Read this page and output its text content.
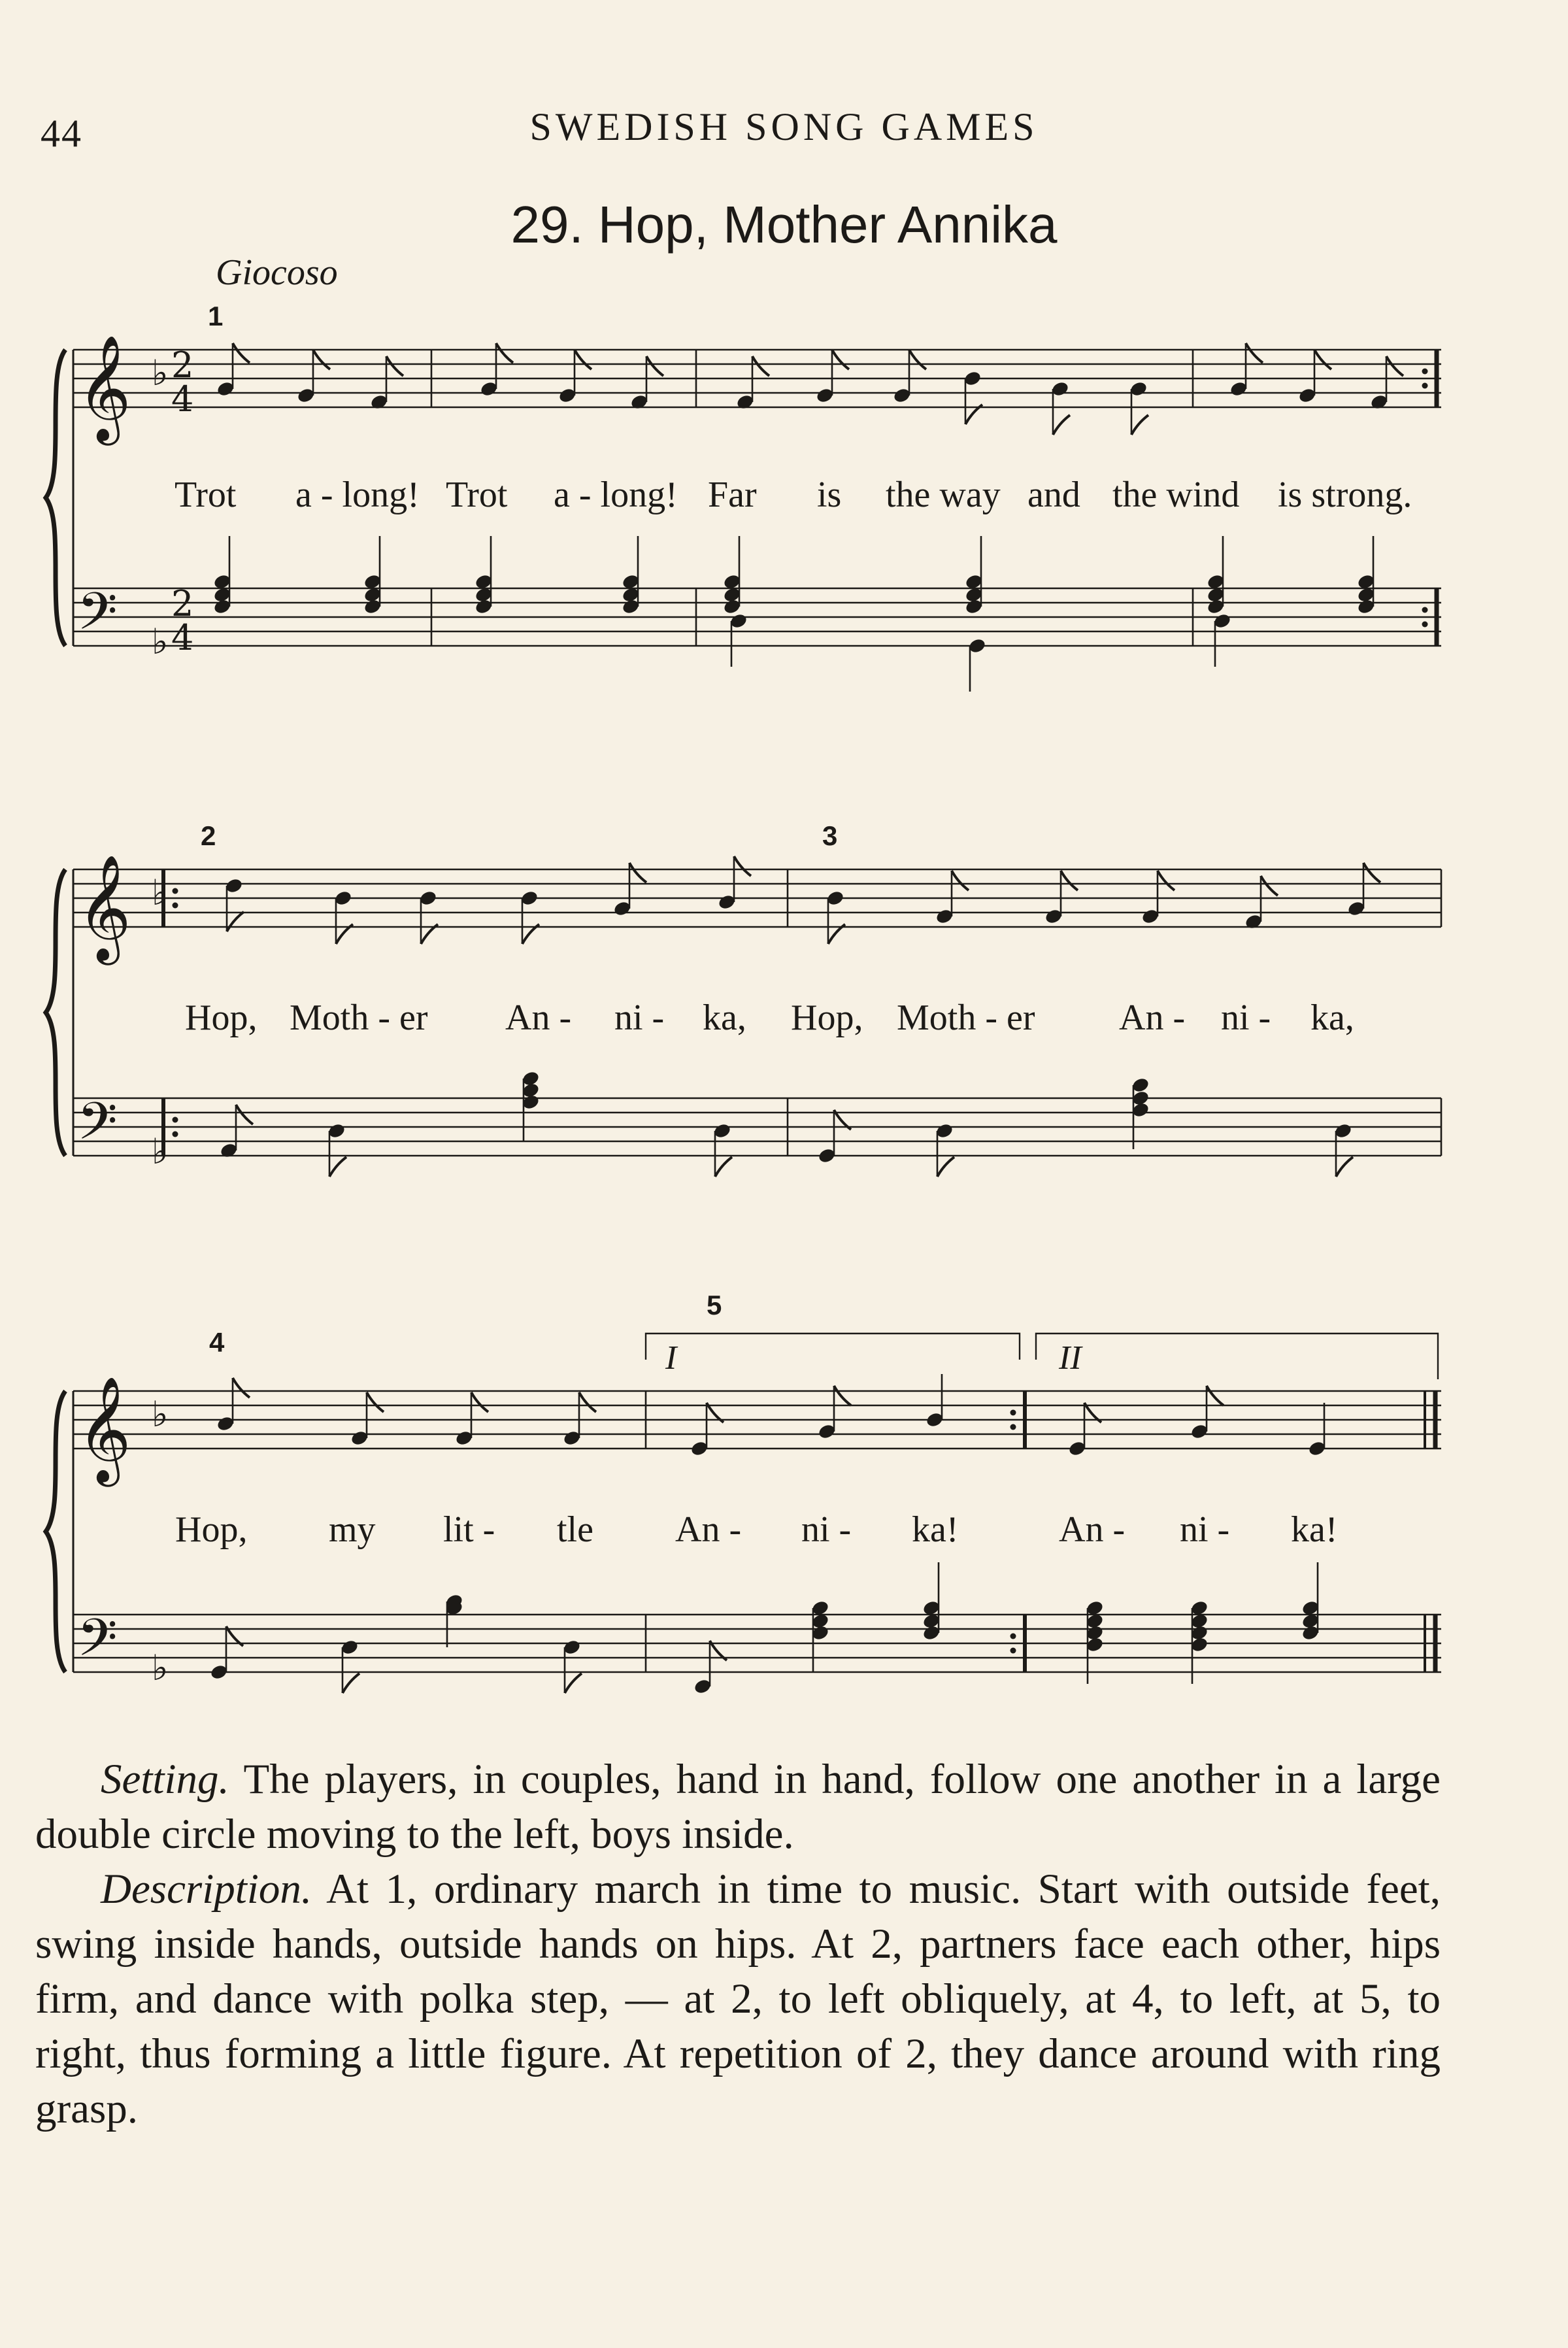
44	SWEDISH SONG GAMES
29. Hop, Mother Annika
Giocoso
1
2	3
4
5
I	II
𝄞
𝄢
♭
♭
2
4
2
4
𝄞
𝄢
♭
♭
𝄞
𝄢
♭
♭
Trot a - long! Trot a - long! Far is the way and the wind is strong.
Hop, Moth - er An - ni - ka, Hop, Moth - er An - ni - ka,
Hop, my lit - tle An - ni - ka!	An - ni - ka!

Setting. The players, in couples, hand in hand, follow one another in a large double circle moving to the left, boys inside.

Description. At 1, ordinary march in time to music. Start with outside feet, swing inside hands, outside hands on hips. At 2, partners face each other, hips firm, and dance with polka step, — at 2, to left obliquely, at 4, to left, at 5, to right, thus forming a little figure. At repetition of 2, they dance around with ring grasp.
